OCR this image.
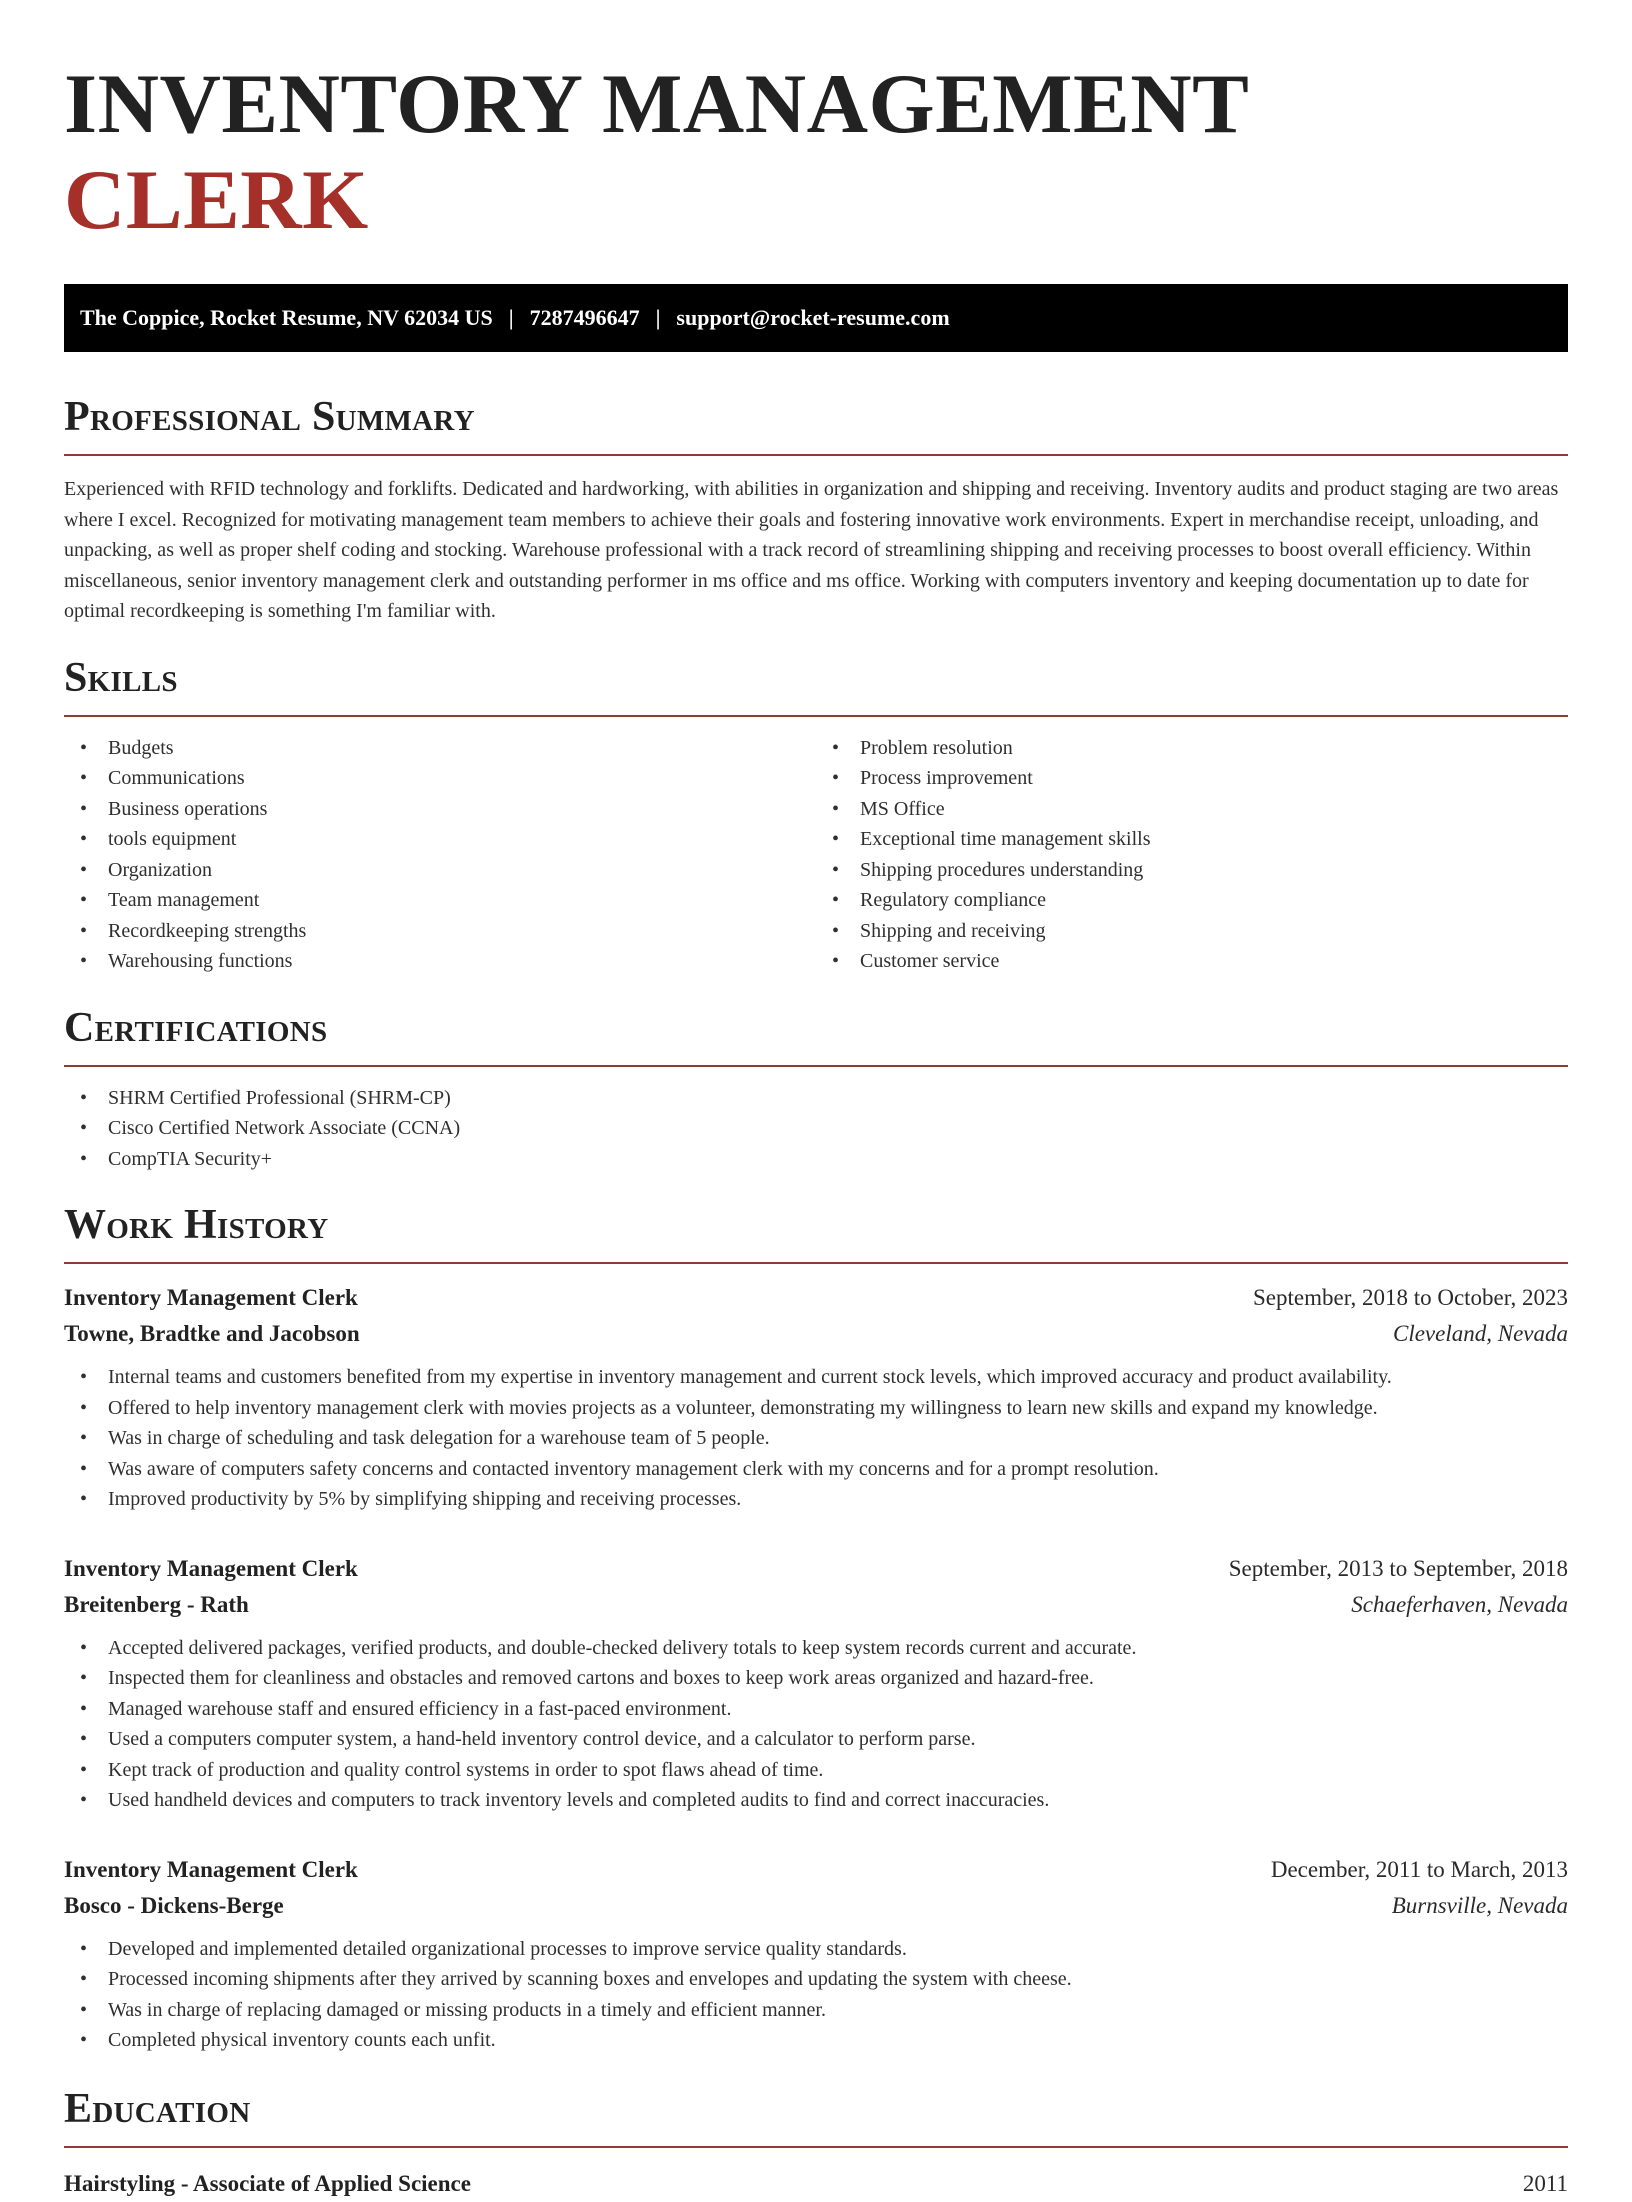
INVENTORY MANAGEMENT CLERK
The Coppice, Rocket Resume, NV 62034 US | 7287496647 | support@rocket-resume.com
Professional Summary

Experienced with RFID technology and forklifts. Dedicated and hardworking, with abilities in organization and shipping and receiving. Inventory audits and product staging are two areas where I excel. Recognized for motivating management team members to achieve their goals and fostering innovative work environments. Expert in merchandise receipt, unloading, and unpacking, as well as proper shelf coding and stocking. Warehouse professional with a track record of streamlining shipping and receiving processes to boost overall efficiency. Within miscellaneous, senior inventory management clerk and outstanding performer in ms office and ms office. Working with computers inventory and keeping documentation up to date for optimal recordkeeping is something I'm familiar with.

Skills
• Budgets
• Communications
• Business operations
• tools equipment
• Organization
• Team management
• Recordkeeping strengths
• Warehousing functions
• Problem resolution
• Process improvement
• MS Office
• Exceptional time management skills
• Shipping procedures understanding
• Regulatory compliance
• Shipping and receiving
• Customer service
Certifications
• SHRM Certified Professional (SHRM-CP)
• Cisco Certified Network Associate (CCNA)
• CompTIA Security+
Work History
Inventory Management Clerk	September, 2018 to October, 2023
Towne, Bradtke and Jacobson	Cleveland, Nevada
• Internal teams and customers benefited from my expertise in inventory management and current stock levels, which improved accuracy and product availability.
• Offered to help inventory management clerk with movies projects as a volunteer, demonstrating my willingness to learn new skills and expand my knowledge.
• Was in charge of scheduling and task delegation for a warehouse team of 5 people.
• Was aware of computers safety concerns and contacted inventory management clerk with my concerns and for a prompt resolution.
• Improved productivity by 5% by simplifying shipping and receiving processes.
Inventory Management Clerk	September, 2013 to September, 2018
Breitenberg - Rath	Schaeferhaven, Nevada
• Accepted delivered packages, verified products, and double-checked delivery totals to keep system records current and accurate.
• Inspected them for cleanliness and obstacles and removed cartons and boxes to keep work areas organized and hazard-free.
• Managed warehouse staff and ensured efficiency in a fast-paced environment.
• Used a computers computer system, a hand-held inventory control device, and a calculator to perform parse.
• Kept track of production and quality control systems in order to spot flaws ahead of time.
• Used handheld devices and computers to track inventory levels and completed audits to find and correct inaccuracies.
Inventory Management Clerk	December, 2011 to March, 2013
Bosco - Dickens-Berge	Burnsville, Nevada
• Developed and implemented detailed organizational processes to improve service quality standards.
• Processed incoming shipments after they arrived by scanning boxes and envelopes and updating the system with cheese.
• Was in charge of replacing damaged or missing products in a timely and efficient manner.
• Completed physical inventory counts each unfit.
Education
Hairstyling - Associate of Applied Science	2011
